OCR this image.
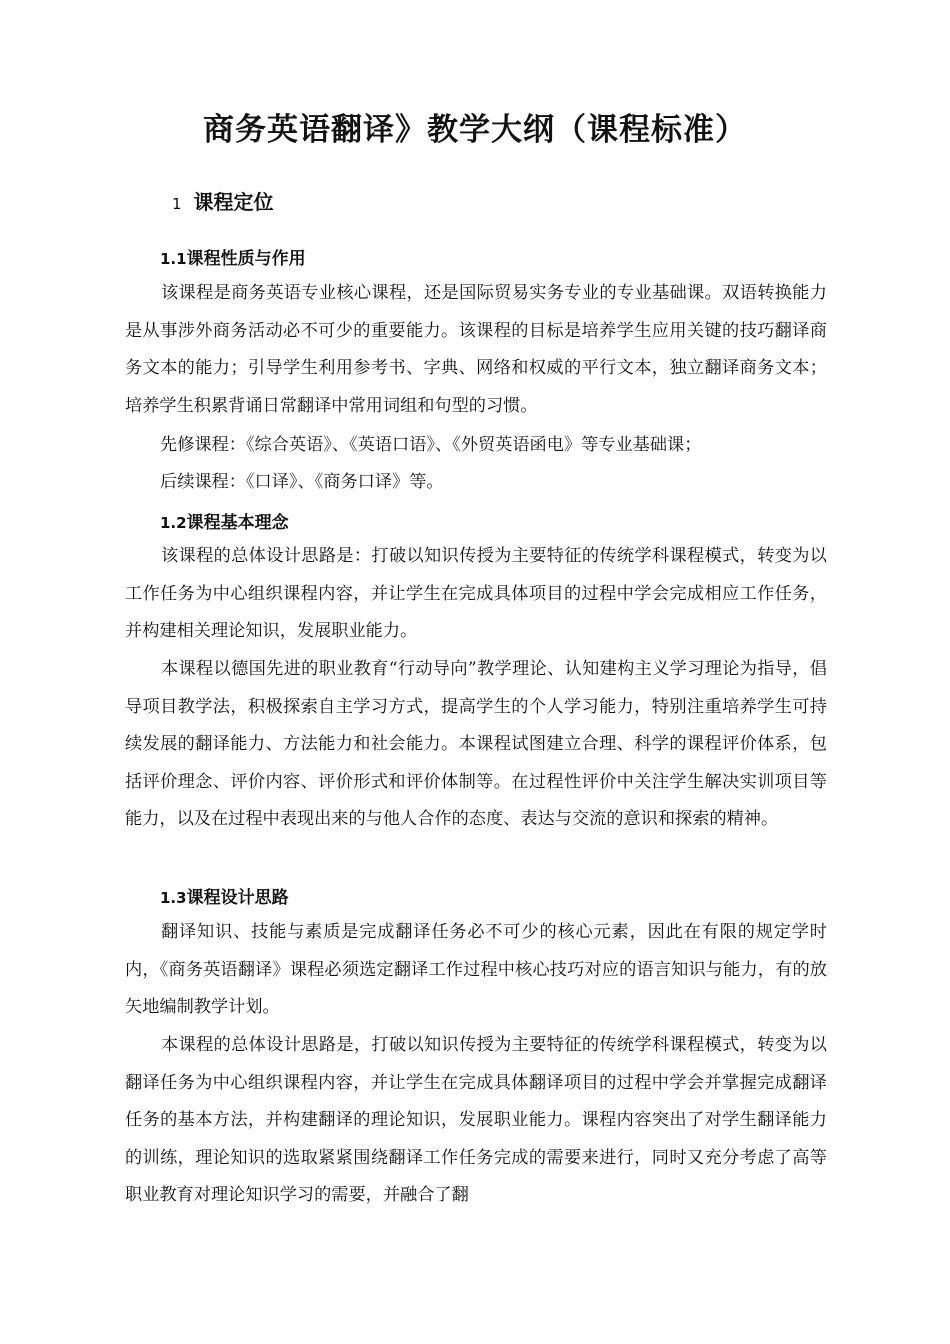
商务英语翻译》教学大纲（课程标准）
1 课程定位
1.1课程性质与作用

该课程是商务英语专业核心课程，还是国际贸易实务专业的专业基础课。双语转换能力是从事涉外商务活动必不可少的重要能力。该课程的目标是培养学生应用关键的技巧翻译商务文本的能力；引导学生利用参考书、字典、网络和权威的平行文本，独立翻译商务文本；培养学生积累背诵日常翻译中常用词组和句型的习惯。

先修课程：《综合英语》、《英语口语》、《外贸英语函电》等专业基础课；

后续课程：《口译》、《商务口译》等。

1.2课程基本理念

该课程的总体设计思路是：打破以知识传授为主要特征的传统学科课程模式，转变为以工作任务为中心组织课程内容，并让学生在完成具体项目的过程中学会完成相应工作任务，并构建相关理论知识，发展职业能力。

本课程以德国先进的职业教育“行动导向”教学理论、认知建构主义学习理论为指导，倡导项目教学法，积极探索自主学习方式，提高学生的个人学习能力，特别注重培养学生可持续发展的翻译能力、方法能力和社会能力。本课程试图建立合理、科学的课程评价体系，包括评价理念、评价内容、评价形式和评价体制等。在过程性评价中关注学生解决实训项目等能力，以及在过程中表现出来的与他人合作的态度、表达与交流的意识和探索的精神。

1.3课程设计思路

翻译知识、技能与素质是完成翻译任务必不可少的核心元素，因此在有限的规定学时内，《商务英语翻译》课程必须选定翻译工作过程中核心技巧对应的语言知识与能力，有的放矢地编制教学计划。

本课程的总体设计思路是，打破以知识传授为主要特征的传统学科课程模式，转变为以翻译任务为中心组织课程内容，并让学生在完成具体翻译项目的过程中学会并掌握完成翻译任务的基本方法，并构建翻译的理论知识，发展职业能力。课程内容突出了对学生翻译能力的训练，理论知识的选取紧紧围绕翻译工作任务完成的需要来进行，同时又充分考虑了高等职业教育对理论知识学习的需要，并融合了翻
